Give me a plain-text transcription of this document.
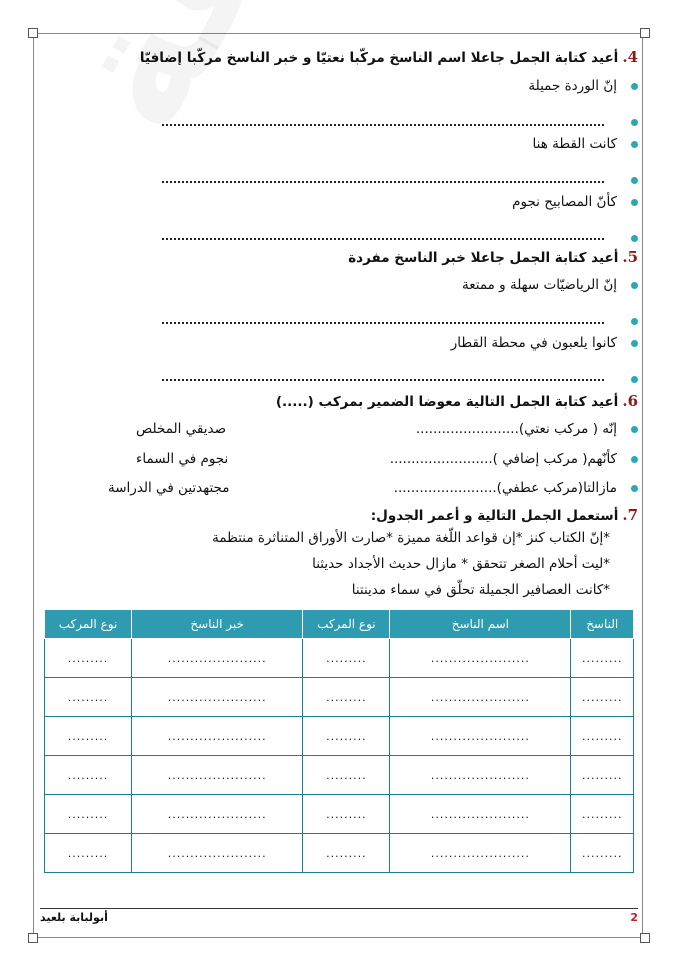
4.أعيد كتابة الجمل جاعلا اسم الناسخ مركّبا نعتيّا و خبر الناسخ مركّبا إضافيّا
إنّ الوردة جميلة
كانت القطة هنا
كأنّ المصابيح نجوم
5.أعيد كتابة الجمل جاعلا خبر الناسخ مفردة
إنّ الرياضيّات سهلة و ممتعة
كانوا يلعبون في محطة القطار
6.أعيد كتابة الجمل التالية معوضا الضمير بمركب (.....)
إنّه ( مركب نعتي)........................
صديقي المخلص
كأنّهم( مركب إضافي )........................
نجوم في السماء
مازالتا(مركب عطفي)........................
مجتهدتين في الدراسة
7.أستعمل الجمل التالية و أعمر الجدول:
*إنّ الكتاب كنز *إن قواعد اللّغة مميزة *صارت الأوراق المتناثرة منتظمة
*ليت أحلام الصغر تتحقق * مازال حديث الأجداد حديثنا
*كانت العصافير الجميلة تحلّق في سماء مدينتنا
الناسخ	اسم الناسخ	نوع المركب	خبر الناسخ	نوع المركب
.........	......................	.........	......................	.........
.........	......................	.........	......................	.........
.........	......................	.........	......................	.........
.........	......................	.........	......................	.........
.........	......................	.........	......................	.........
.........	......................	.........	......................	.........
2
أبولبابة بلعيد
